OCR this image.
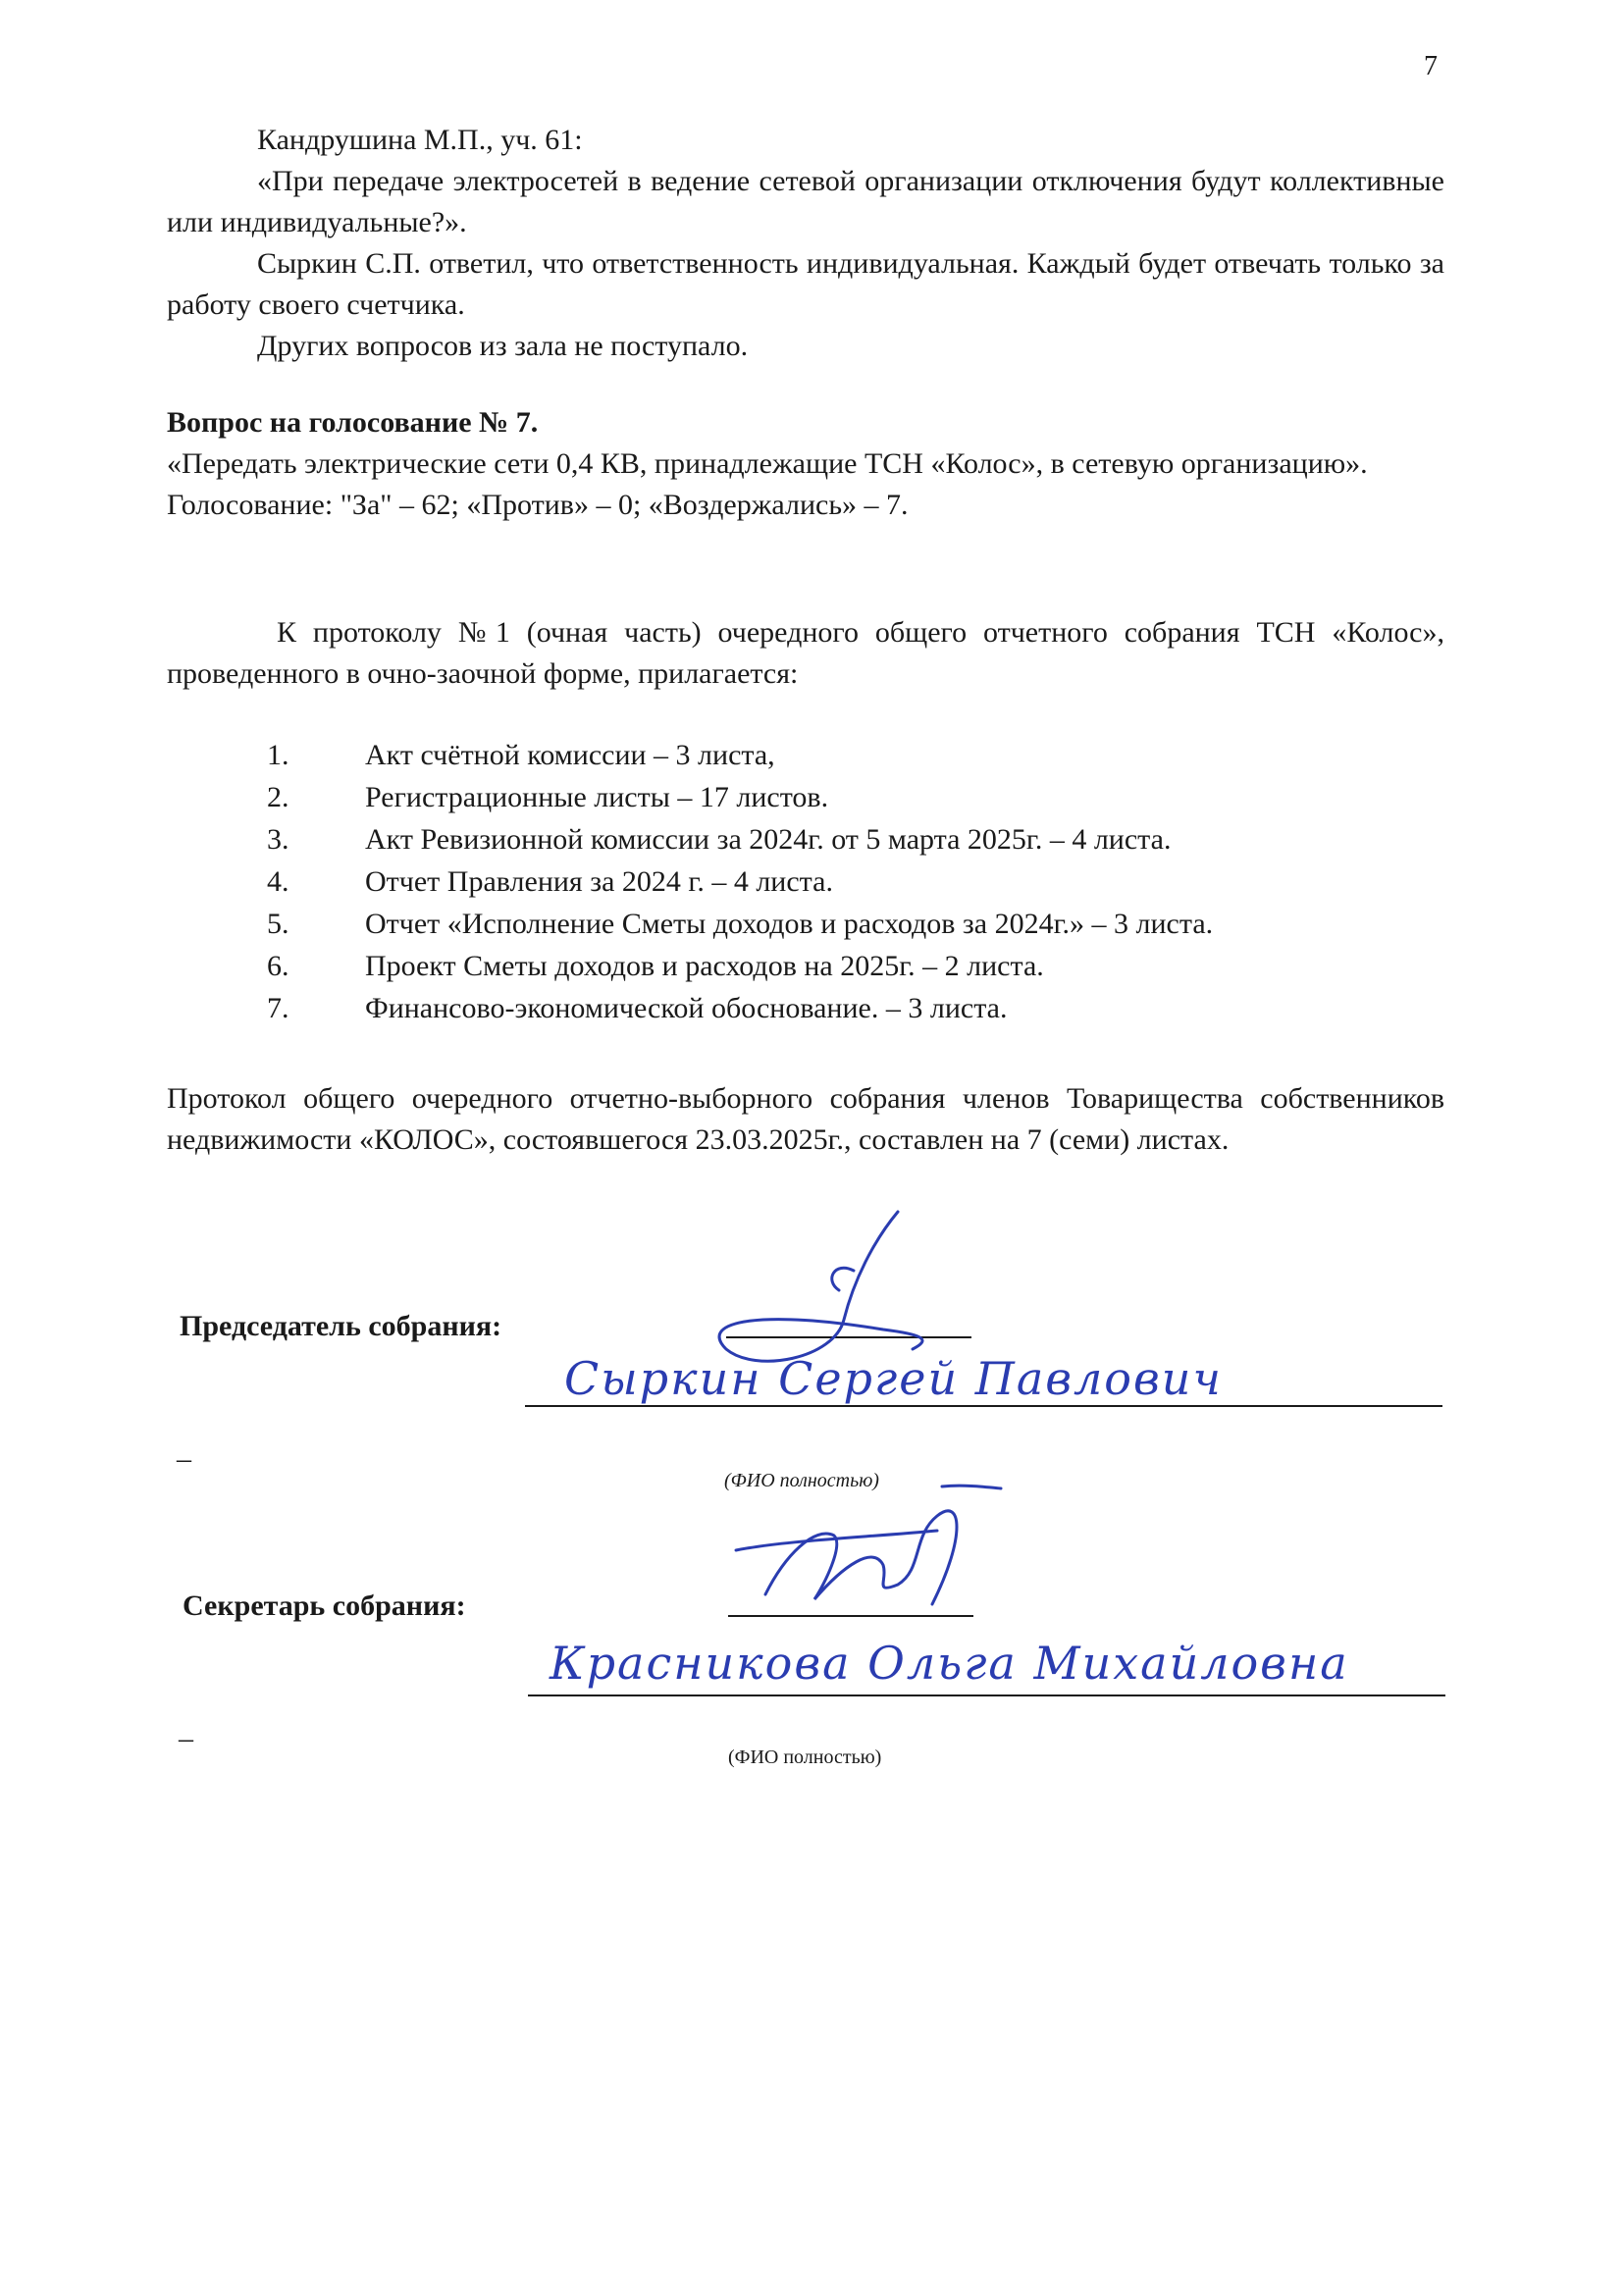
7

Кандрушина М.П., уч. 61:

«При передаче электросетей в ведение сетевой организации отключения будут коллективные или индивидуальные?».

Сыркин С.П. ответил, что ответственность индивидуальная. Каждый будет отвечать только за работу своего счетчика.

Других вопросов из зала не поступало.

Вопрос на голосование № 7.

«Передать электрические сети 0,4 КВ, принадлежащие ТСН «Колос», в сетевую организацию».

Голосование: "За" – 62; «Против» – 0; «Воздержались» – 7.

К протоколу №1 (очная часть) очередного общего отчетного собрания ТСН «Колос», проведенного в очно-заочной форме, прилагается:

1.	Акт счётной комиссии – 3 листа,
2.	Регистрационные листы – 17 листов.
3.	Акт Ревизионной комиссии за 2024г. от 5 марта 2025г. – 4 листа.
4.	Отчет Правления за 2024 г. – 4 листа.
5.	Отчет «Исполнение Сметы доходов и расходов за 2024г.» – 3 листа.
6.	Проект Сметы доходов и расходов на 2025г. – 2 листа.
7.	Финансово-экономической обоснование. – 3 листа.

Протокол общего очередного отчетно-выборного собрания членов Товарищества собственников недвижимости «КОЛОС», состоявшегося 23.03.2025г., составлен на 7 (семи) листах.

Председатель собрания:
Сыркин Сергей Павлович
–
(ФИО полностью)
Секретарь собрания:
Красникова Ольга Михайловна
–
(ФИО полностью)
